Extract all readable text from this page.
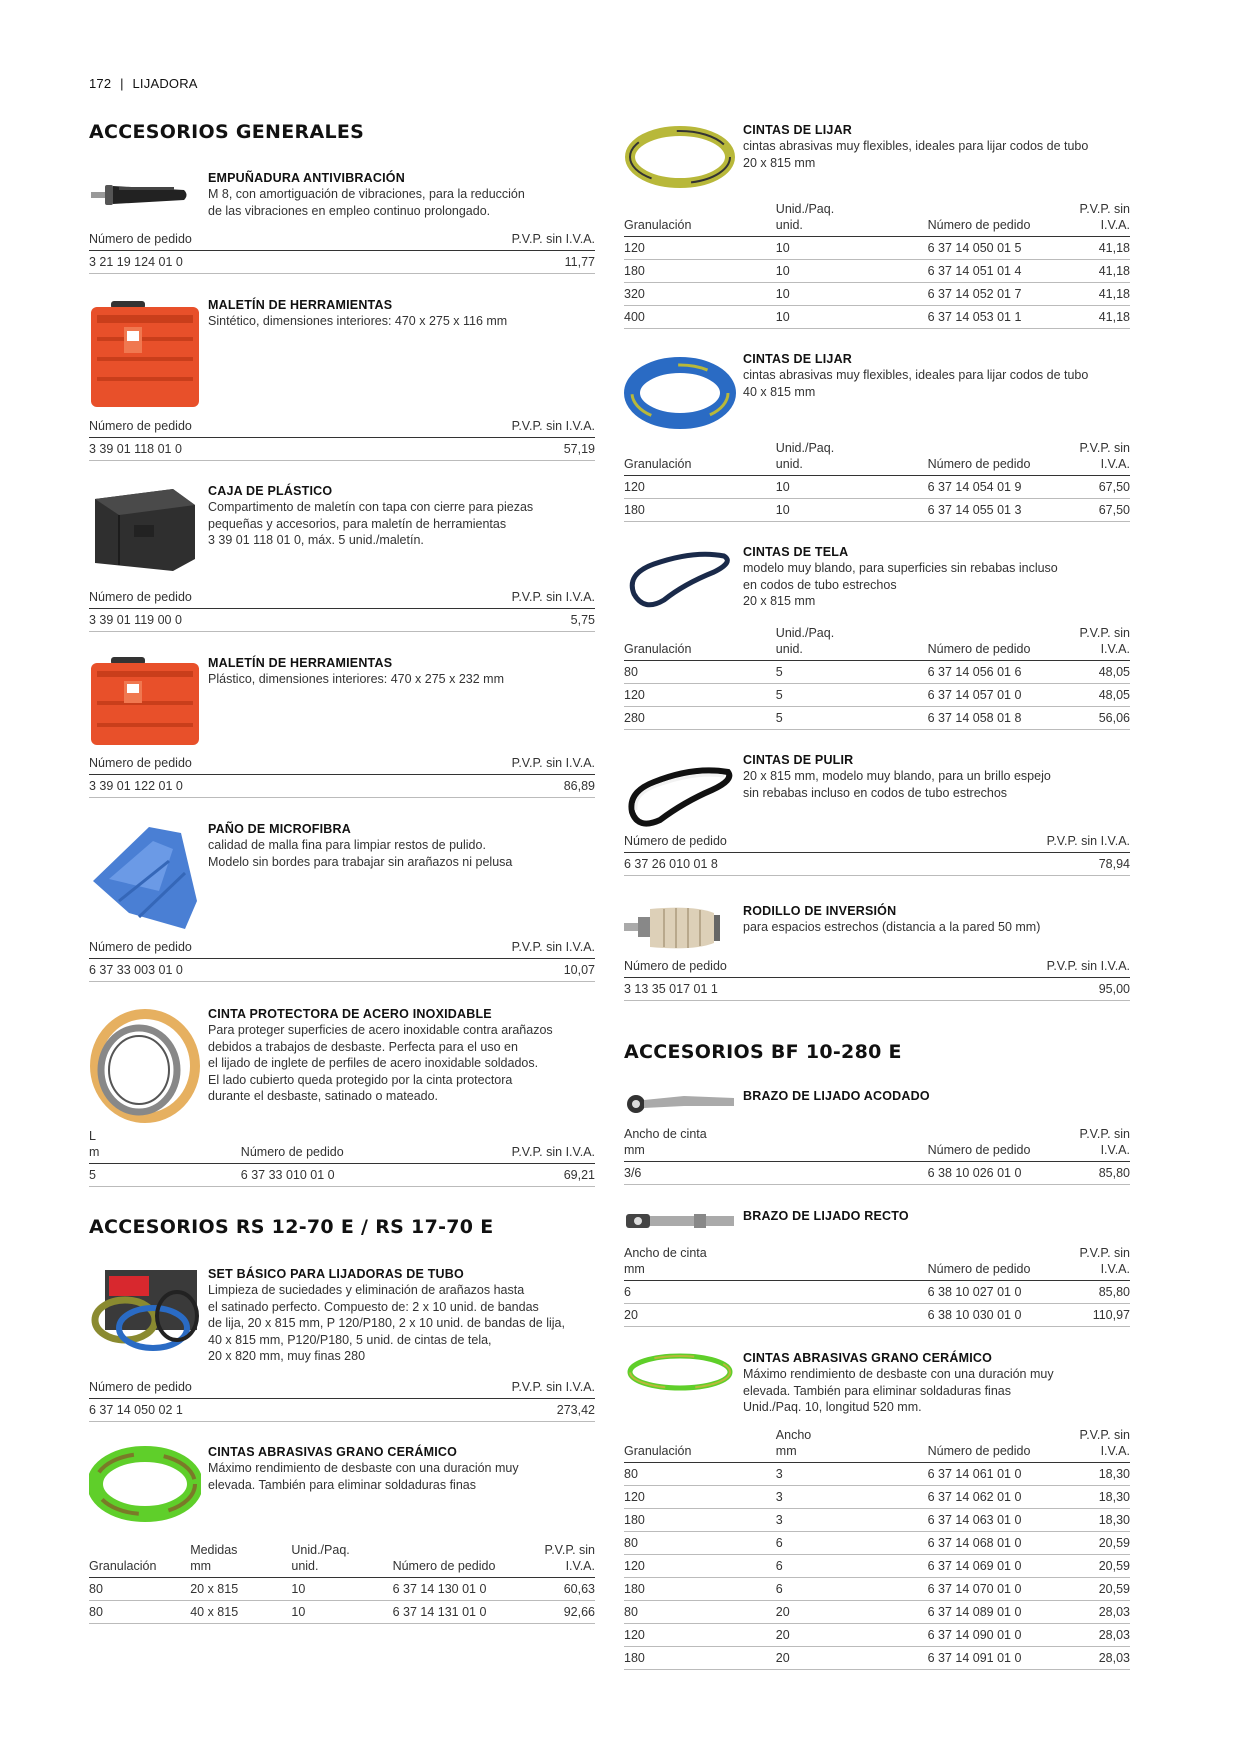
172 | LIJADORA
ACCESORIOS GENERALES
EMPUÑADURA ANTIVIBRACIÓN
M 8, con amortiguación de vibraciones, para la reducción
de las vibraciones en empleo continuo prolongado.
Número de pedido	P.V.P. sin I.V.A.
3 21 19 124 01 0	11,77
MALETÍN DE HERRAMIENTAS
Sintético, dimensiones interiores: 470 x 275 x 116 mm
Número de pedido	P.V.P. sin I.V.A.
3 39 01 118 01 0	57,19
CAJA DE PLÁSTICO
Compartimento de maletín con tapa con cierre para piezas
pequeñas y accesorios, para maletín de herramientas
3 39 01 118 01 0, máx. 5 unid./maletín.
Número de pedido	P.V.P. sin I.V.A.
3 39 01 119 00 0	5,75
MALETÍN DE HERRAMIENTAS
Plástico, dimensiones interiores: 470 x 275 x 232 mm
Número de pedido	P.V.P. sin I.V.A.
3 39 01 122 01 0	86,89
PAÑO DE MICROFIBRA
calidad de malla fina para limpiar restos de pulido.
Modelo sin bordes para trabajar sin arañazos ni pelusa
Número de pedido	P.V.P. sin I.V.A.
6 37 33 003 01 0	10,07
CINTA PROTECTORA DE ACERO INOXIDABLE
Para proteger superficies de acero inoxidable contra arañazos
debidos a trabajos de desbaste. Perfecta para el uso en
el lijado de inglete de perfiles de acero inoxidable soldados.
El lado cubierto queda protegido por la cinta protectora
durante el desbaste, satinado o mateado.
L
m	Número de pedido	P.V.P. sin I.V.A.
5	6 37 33 010 01 0	69,21
ACCESORIOS RS 12-70 E / RS 17-70 E
SET BÁSICO PARA LIJADORAS DE TUBO
Limpieza de suciedades y eliminación de arañazos hasta
el satinado perfecto. Compuesto de: 2 x 10 unid. de bandas
de lija, 20 x 815 mm, P 120/P180, 2 x 10 unid. de bandas de lija,
40 x 815 mm, P120/P180, 5 unid. de cintas de tela,
20 x 820 mm, muy finas 280
Número de pedido	P.V.P. sin I.V.A.
6 37 14 050 02 1	273,42
CINTAS ABRASIVAS GRANO CERÁMICO
Máximo rendimiento de desbaste con una duración muy
elevada. También para eliminar soldaduras finas
Granulación	Medidas
mm	Unid./Paq.
unid.	Número de pedido	P.V.P. sin I.V.A.
80	20 x 815	10	6 37 14 130 01 0	60,63
80	40 x 815	10	6 37 14 131 01 0	92,66
CINTAS DE LIJAR
cintas abrasivas muy flexibles, ideales para lijar codos de tubo
20 x 815 mm
Granulación	Unid./Paq.
unid.	Número de pedido	P.V.P. sin I.V.A.
120	10	6 37 14 050 01 5	41,18
180	10	6 37 14 051 01 4	41,18
320	10	6 37 14 052 01 7	41,18
400	10	6 37 14 053 01 1	41,18
CINTAS DE LIJAR
cintas abrasivas muy flexibles, ideales para lijar codos de tubo
40 x 815 mm
Granulación	Unid./Paq.
unid.	Número de pedido	P.V.P. sin I.V.A.
120	10	6 37 14 054 01 9	67,50
180	10	6 37 14 055 01 3	67,50
CINTAS DE TELA
modelo muy blando, para superficies sin rebabas incluso
en codos de tubo estrechos
20 x 815 mm
Granulación	Unid./Paq.
unid.	Número de pedido	P.V.P. sin I.V.A.
80	5	6 37 14 056 01 6	48,05
120	5	6 37 14 057 01 0	48,05
280	5	6 37 14 058 01 8	56,06
CINTAS DE PULIR
20 x 815 mm, modelo muy blando, para un brillo espejo
sin rebabas incluso en codos de tubo estrechos
Número de pedido	P.V.P. sin I.V.A.
6 37 26 010 01 8	78,94
RODILLO DE INVERSIÓN
para espacios estrechos (distancia a la pared 50 mm)
Número de pedido	P.V.P. sin I.V.A.
3 13 35 017 01 1	95,00
ACCESORIOS BF 10-280 E
BRAZO DE LIJADO ACODADO
Ancho de cinta
mm	Número de pedido	P.V.P. sin I.V.A.
3/6	6 38 10 026 01 0	85,80
BRAZO DE LIJADO RECTO
Ancho de cinta
mm	Número de pedido	P.V.P. sin I.V.A.
6	6 38 10 027 01 0	85,80
20	6 38 10 030 01 0	110,97
CINTAS ABRASIVAS GRANO CERÁMICO
Máximo rendimiento de desbaste con una duración muy
elevada. También para eliminar soldaduras finas
Unid./Paq. 10, longitud 520 mm.
Granulación	Ancho
mm	Número de pedido	P.V.P. sin I.V.A.
80	3	6 37 14 061 01 0	18,30
120	3	6 37 14 062 01 0	18,30
180	3	6 37 14 063 01 0	18,30
80	6	6 37 14 068 01 0	20,59
120	6	6 37 14 069 01 0	20,59
180	6	6 37 14 070 01 0	20,59
80	20	6 37 14 089 01 0	28,03
120	20	6 37 14 090 01 0	28,03
180	20	6 37 14 091 01 0	28,03
